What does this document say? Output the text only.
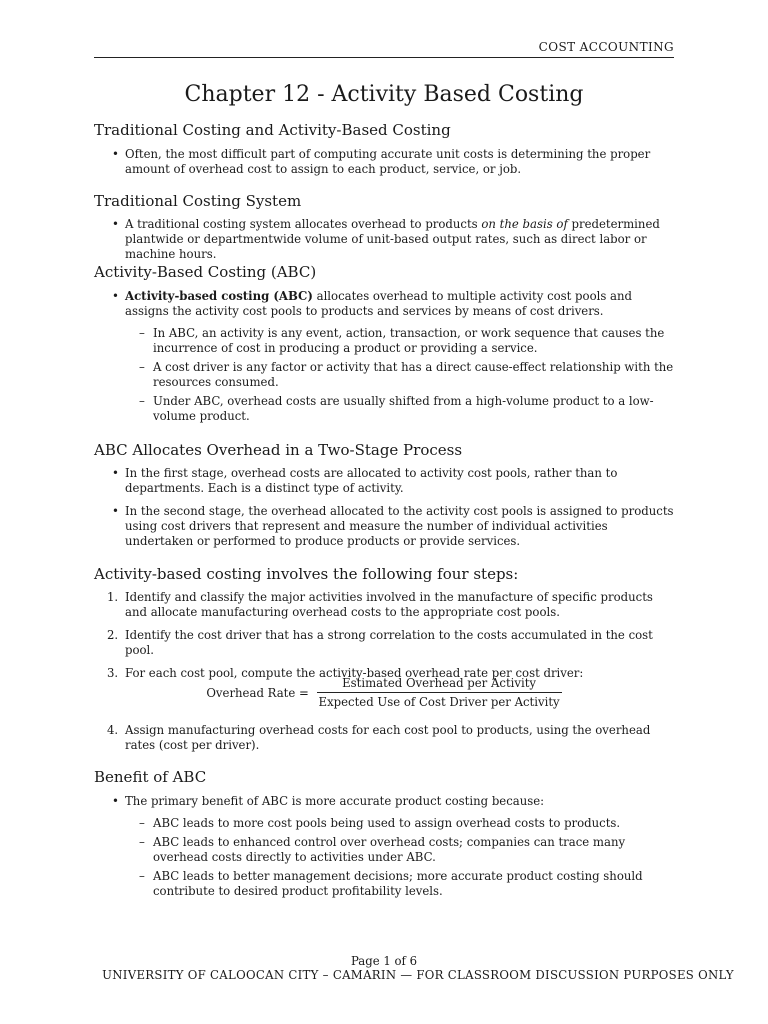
COST ACCOUNTING
Chapter 12 - Activity Based Costing
Traditional Costing and Activity-Based Costing
• Often, the most difficult part of computing accurate unit costs is determining the proper amount of overhead cost to assign to each product, service, or job.
Traditional Costing System
• A traditional costing system allocates overhead to products on the basis of predetermined plantwide or departmentwide volume of unit-based output rates, such as direct labor or machine hours.
Activity-Based Costing (ABC)
• Activity-based costing (ABC) allocates overhead to multiple activity cost pools and assigns the activity cost pools to products and services by means of cost drivers.
– In ABC, an activity is any event, action, transaction, or work sequence that causes the incurrence of cost in producing a product or providing a service.
– A cost driver is any factor or activity that has a direct cause-effect relationship with the resources consumed.
– Under ABC, overhead costs are usually shifted from a high-volume product to a low-volume product.
ABC Allocates Overhead in a Two-Stage Process
• In the first stage, overhead costs are allocated to activity cost pools, rather than to departments. Each is a distinct type of activity.
• In the second stage, the overhead allocated to the activity cost pools is assigned to products using cost drivers that represent and measure the number of individual activities undertaken or performed to produce products or provide services.
Activity-based costing involves the following four steps:
1. Identify and classify the major activities involved in the manufacture of specific products and allocate manufacturing overhead costs to the appropriate cost pools.
2. Identify the cost driver that has a strong correlation to the costs accumulated in the cost pool.
3. For each cost pool, compute the activity-based overhead rate per cost driver:
Overhead Rate = $\frac{\text{Estimated Overhead per Activity}}{\text{Expected Use of Cost Driver per Activity}}$
4. Assign manufacturing overhead costs for each cost pool to products, using the overhead rates (cost per driver).
Benefit of ABC
• The primary benefit of ABC is more accurate product costing because:
– ABC leads to more cost pools being used to assign overhead costs to products.
– ABC leads to enhanced control over overhead costs; companies can trace many overhead costs directly to activities under ABC.
– ABC leads to better management decisions; more accurate product costing should contribute to desired product profitability levels.
Page 1 of 6
UNIVERSITY OF CALOOCAN CITY – CAMARIN — FOR CLASSROOM DISCUSSION PURPOSES ONLY
